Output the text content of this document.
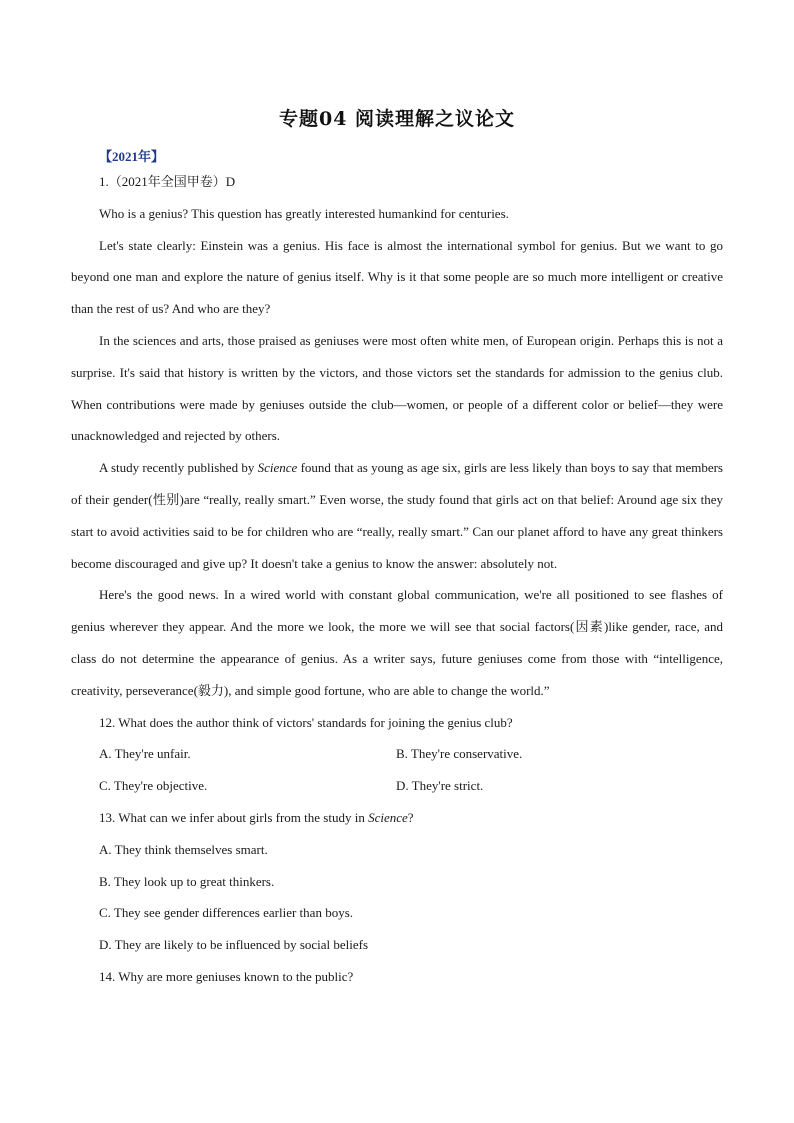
专题04 阅读理解之议论文
【2021年】

1.（2021年全国甲卷）D

Who is a genius? This question has greatly interested humankind for centuries.

Let's state clearly: Einstein was a genius. His face is almost the international symbol for genius. But we want to go beyond one man and explore the nature of genius itself. Why is it that some people are so much more intelligent or creative than the rest of us? And who are they?

In the sciences and arts, those praised as geniuses were most often white men, of European origin. Perhaps this is not a surprise. It's said that history is written by the victors, and those victors set the standards for admission to the genius club. When contributions were made by geniuses outside the club—women, or people of a different color or belief—they were unacknowledged and rejected by others.

A study recently published by Science found that as young as age six, girls are less likely than boys to say that members of their gender(性别)are “really, really smart.” Even worse, the study found that girls act on that belief: Around age six they start to avoid activities said to be for children who are “really, really smart.” Can our planet afford to have any great thinkers become discouraged and give up? It doesn't take a genius to know the answer: absolutely not.

Here's the good news. In a wired world with constant global communication, we're all positioned to see flashes of genius wherever they appear. And the more we look, the more we will see that social factors(因素)like gender, race, and class do not determine the appearance of genius. As a writer says, future geniuses come from those with “intelligence, creativity, perseverance(毅力), and simple good fortune, who are able to change the world.”

12. What does the author think of victors' standards for joining the genius club?

A. They're unfair.	B. They're conservative.
C. They're objective.	D. They're strict.

13. What can we infer about girls from the study in Science?

A. They think themselves smart.

B. They look up to great thinkers.

C. They see gender differences earlier than boys.

D. They are likely to be influenced by social beliefs

14. Why are more geniuses known to the public?
